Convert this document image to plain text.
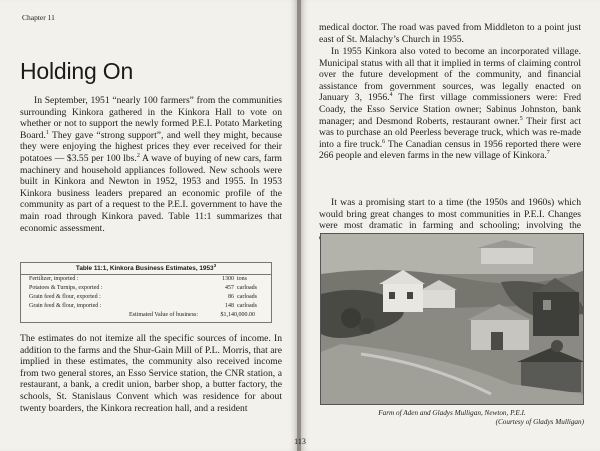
Chapter 11
Holding On

In September, 1951 “nearly 100 farmers” from the communities surrounding Kinkora gathered in the Kinkora Hall to vote on whether or not to support the newly formed P.E.I. Potato Marketing Board.$^1$ They gave “strong support”, and well they might, because they were enjoying the highest prices they ever received for their potatoes — $3.55 per 100 lbs.$^2$ A wave of buying of new cars, farm machinery and household appliances followed. New schools were built in Kinkora and Newton in 1952, 1953 and 1955. In 1953 Kinkora business leaders prepared an economic profile of the community as part of a request to the P.E.I. government to have the main road through Kinkora paved. Table 11:1 summarizes that economic assessment.

Table 11:1, Kinkora Business Estimates, 1953$^3$
Fertilizer, imported :	1300 tons
Potatoes & Turnips, exported :	457 carloads
Grain feed & flour, exported :	86 carloads
Grain feed & flour, imported :	148 carloads
Estimated Value of business:	$1,140,000.00

The estimates do not itemize all the specific sources of income. In addition to the farms and the Shur-Gain Mill of P.L. Morris, that are implied in these estimates, the community also received income from two general stores, an Esso Service station, the CNR station, a restaurant, a bank, a credit union, barber shop, a butter factory, the schools, St. Stanislaus Convent which was residence for about twenty boarders, the Kinkora recreation hall, and a resident

medical doctor. The road was paved from Middleton to a point just east of St. Malachy’s Church in 1955.

In 1955 Kinkora also voted to become an incorporated village. Municipal status with all that it implied in terms of claiming control over the future development of the community, and financial assistance from government sources, was legally enacted on January 3, 1956.$^4$ The first village commissioners were: Fred Coady, the Esso Service Station owner; Sabinus Johnston, bank manager; and Desmond Roberts, restaurant owner.$^5$ Their first act was to purchase an old Peerless beverage truck, which was re-made into a fire truck.$^6$ The Canadian census in 1956 reported there were 266 people and eleven farms in the new village of Kinkora.$^7$

It was a promising start to a time (the 1950s and 1960s) which would bring great changes to most communities in P.E.I. Changes were most dramatic in farming and schooling; involving the

Farm of Aden and Gladys Mulligan, Newton, P.E.I.
(Courtesy of Gladys Mulligan)
113
